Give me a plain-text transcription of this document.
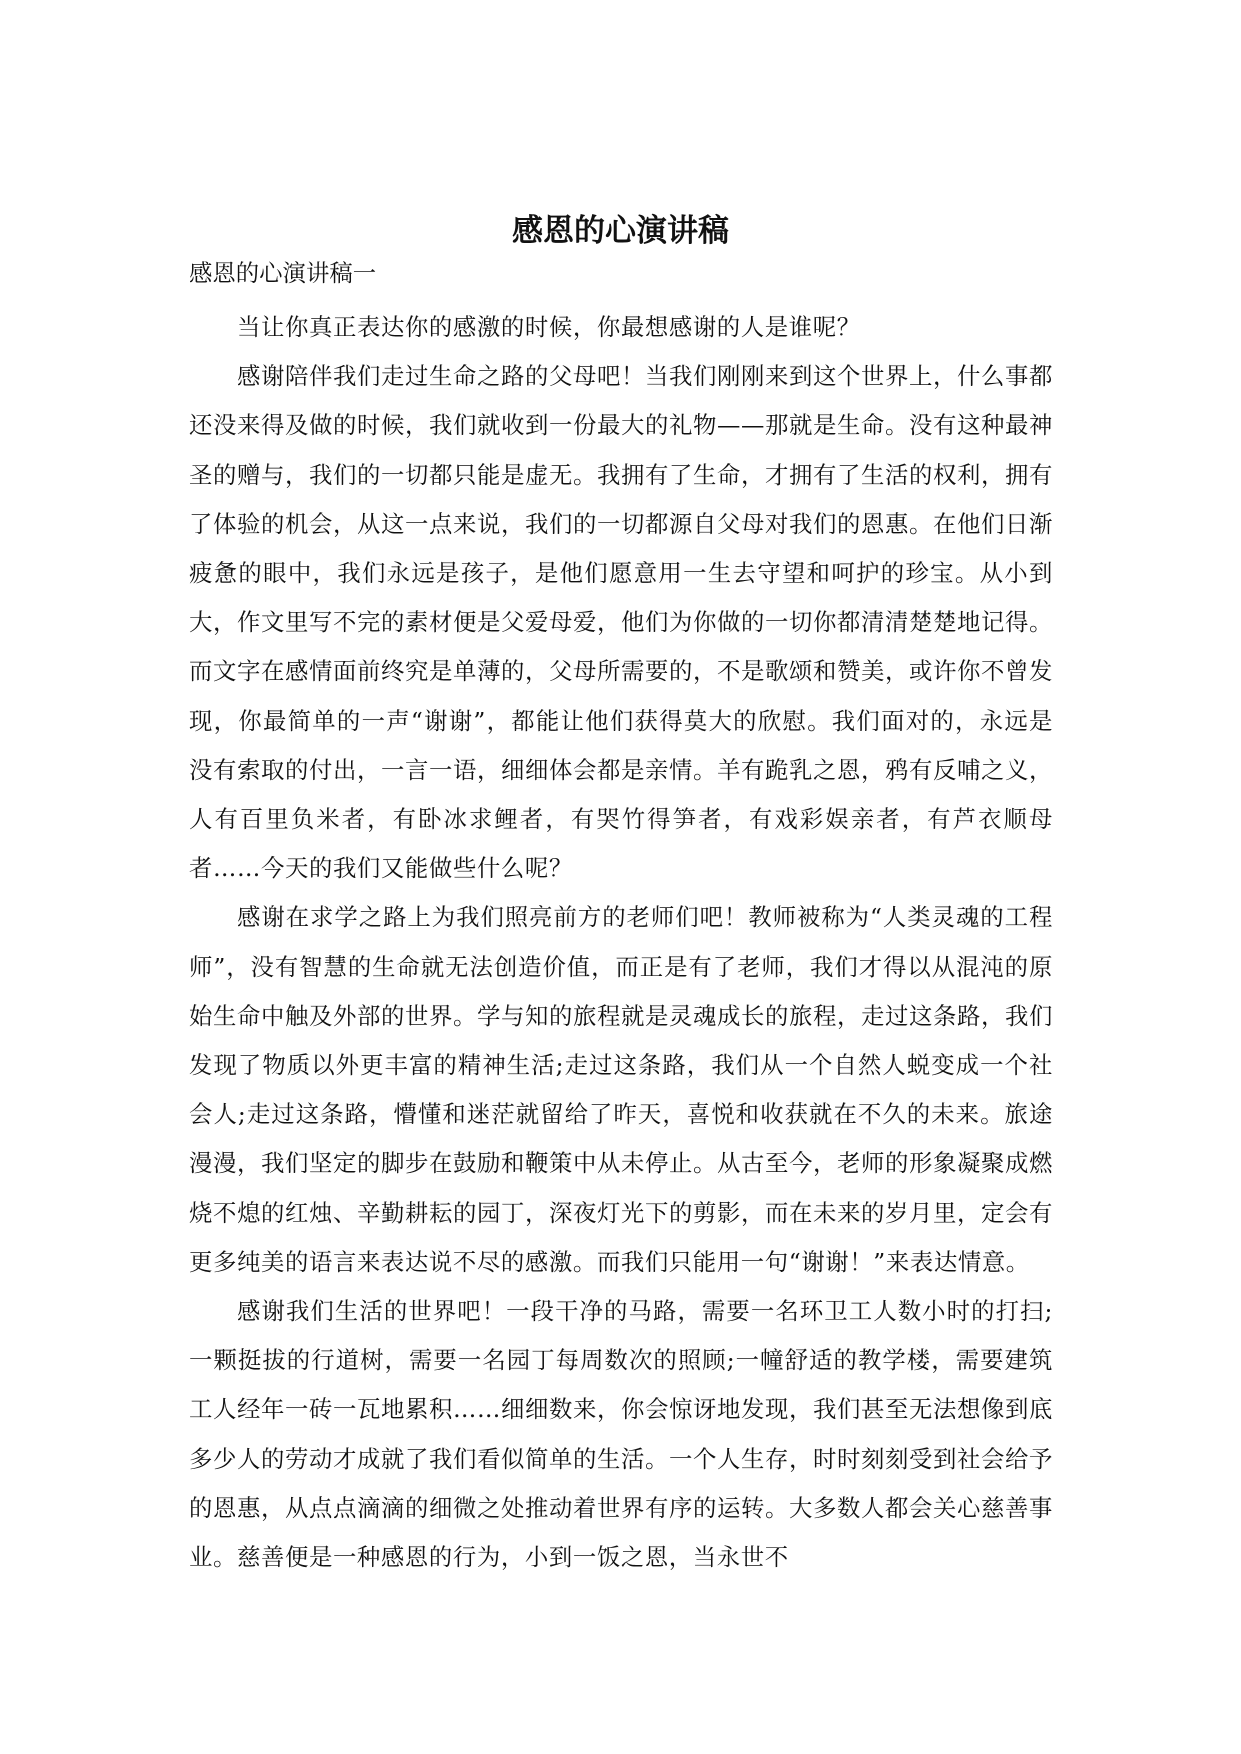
感恩的心演讲稿

感恩的心演讲稿一

当让你真正表达你的感激的时候，你最想感谢的人是谁呢？

感谢陪伴我们走过生命之路的父母吧！当我们刚刚来到这个世界上，什么事都还没来得及做的时候，我们就收到一份最大的礼物——那就是生命。没有这种最神圣的赠与，我们的一切都只能是虚无。我拥有了生命，才拥有了生活的权利，拥有了体验的机会，从这一点来说，我们的一切都源自父母对我们的恩惠。在他们日渐疲惫的眼中，我们永远是孩子，是他们愿意用一生去守望和呵护的珍宝。从小到大，作文里写不完的素材便是父爱母爱，他们为你做的一切你都清清楚楚地记得。而文字在感情面前终究是单薄的，父母所需要的，不是歌颂和赞美，或许你不曾发现，你最简单的一声“谢谢”，都能让他们获得莫大的欣慰。我们面对的，永远是没有索取的付出，一言一语，细细体会都是亲情。羊有跪乳之恩，鸦有反哺之义，人有百里负米者，有卧冰求鲤者，有哭竹得笋者，有戏彩娱亲者，有芦衣顺母者……今天的我们又能做些什么呢？

感谢在求学之路上为我们照亮前方的老师们吧！教师被称为“人类灵魂的工程师”，没有智慧的生命就无法创造价值，而正是有了老师，我们才得以从混沌的原始生命中触及外部的世界。学与知的旅程就是灵魂成长的旅程，走过这条路，我们发现了物质以外更丰富的精神生活;走过这条路，我们从一个自然人蜕变成一个社会人;走过这条路，懵懂和迷茫就留给了昨天，喜悦和收获就在不久的未来。旅途漫漫，我们坚定的脚步在鼓励和鞭策中从未停止。从古至今，老师的形象凝聚成燃烧不熄的红烛、辛勤耕耘的园丁，深夜灯光下的剪影，而在未来的岁月里，定会有更多纯美的语言来表达说不尽的感激。而我们只能用一句“谢谢！”来表达情意。

感谢我们生活的世界吧！一段干净的马路，需要一名环卫工人数小时的打扫;一颗挺拔的行道树，需要一名园丁每周数次的照顾;一幢舒适的教学楼，需要建筑工人经年一砖一瓦地累积……细细数来，你会惊讶地发现，我们甚至无法想像到底多少人的劳动才成就了我们看似简单的生活。一个人生存，时时刻刻受到社会给予的恩惠，从点点滴滴的细微之处推动着世界有序的运转。大多数人都会关心慈善事业。慈善便是一种感恩的行为，小到一饭之恩，当永世不
